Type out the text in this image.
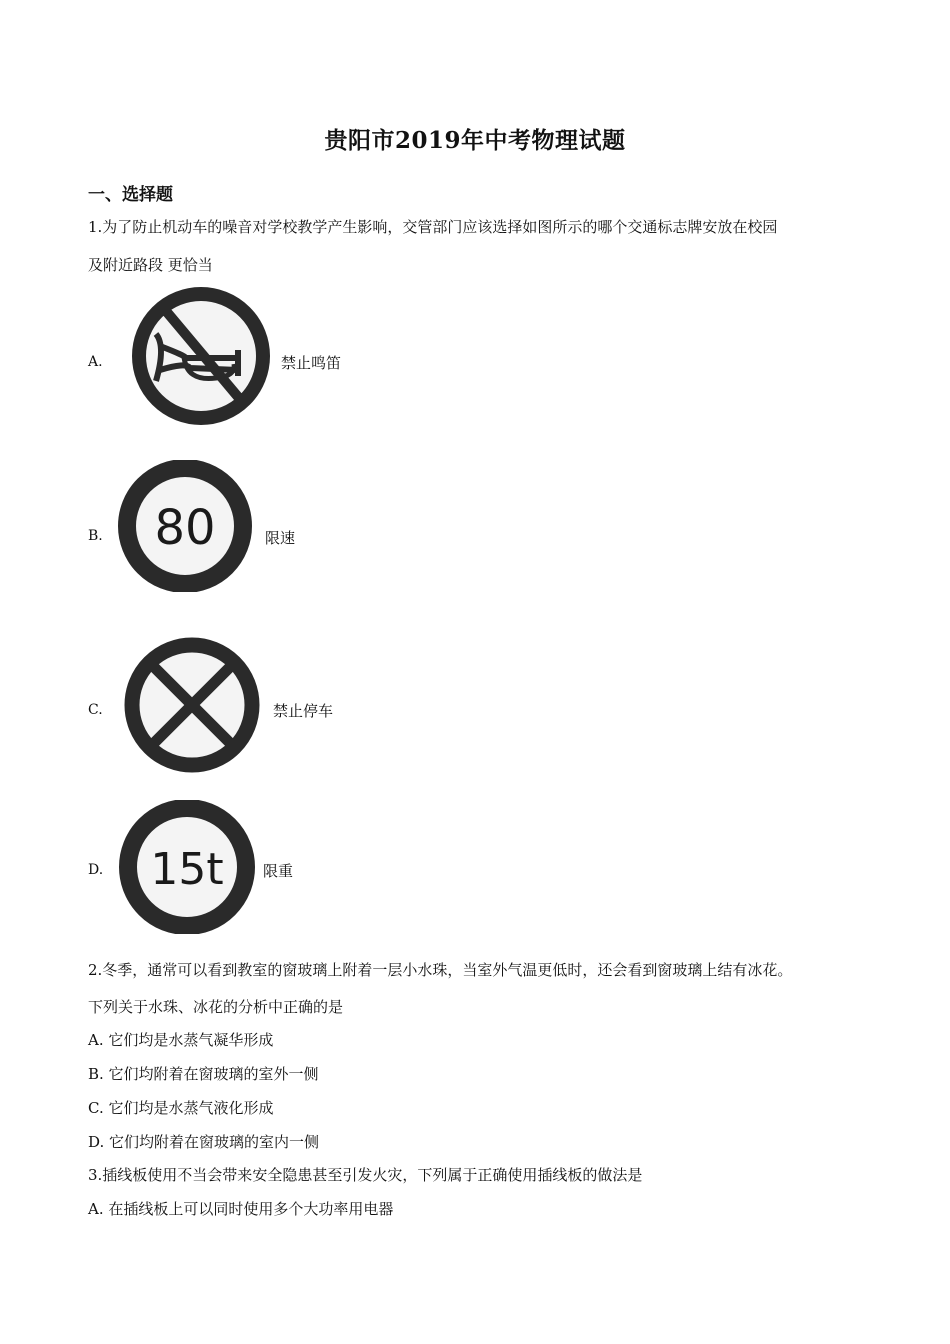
贵阳市2019年中考物理试题
一、选择题
1.为了防止机动车的噪音对学校教学产生影响，交管部门应该选择如图所示的哪个交通标志牌安放在校园
及附近路段 更恰当
A.	禁止鸣笛
B. 80	限速
C.	禁止停车
D. 15t	限重
2.冬季，通常可以看到教室的窗玻璃上附着一层小水珠，当室外气温更低时，还会看到窗玻璃上结有冰花。
下列关于水珠、冰花的分析中正确的是
A. 它们均是水蒸气凝华形成
B. 它们均附着在窗玻璃的室外一侧
C. 它们均是水蒸气液化形成
D. 它们均附着在窗玻璃的室内一侧
3.插线板使用不当会带来安全隐患甚至引发火灾，下列属于正确使用插线板的做法是
A. 在插线板上可以同时使用多个大功率用电器
